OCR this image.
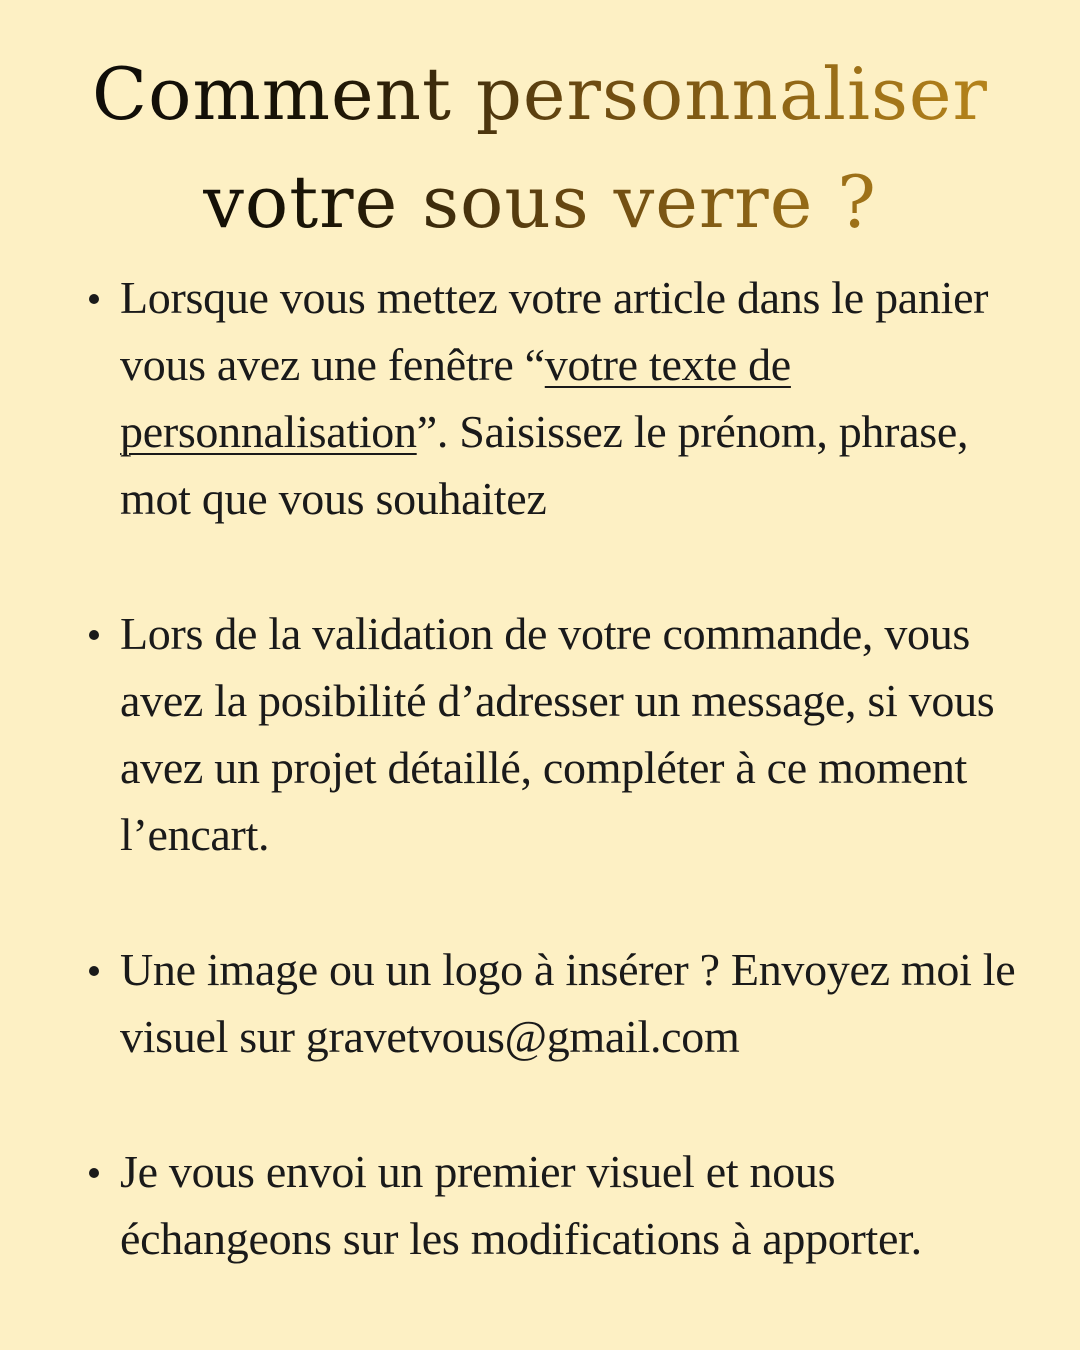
Comment personnaliser
votre sous verre ?
Lorsque vous mettez votre article dans le panier vous avez une fenêtre “votre texte de personnalisation”. Saisissez le prénom, phrase, mot que vous souhaitez
Lors de la validation de votre commande, vous avez la posibilité d’adresser un message, si vous avez un projet détaillé, compléter à ce moment l’encart.
Une image ou un logo à insérer ? Envoyez moi le visuel sur gravetvous@gmail.com
Je vous envoi un premier visuel et nous échangeons sur les modifications à apporter.
